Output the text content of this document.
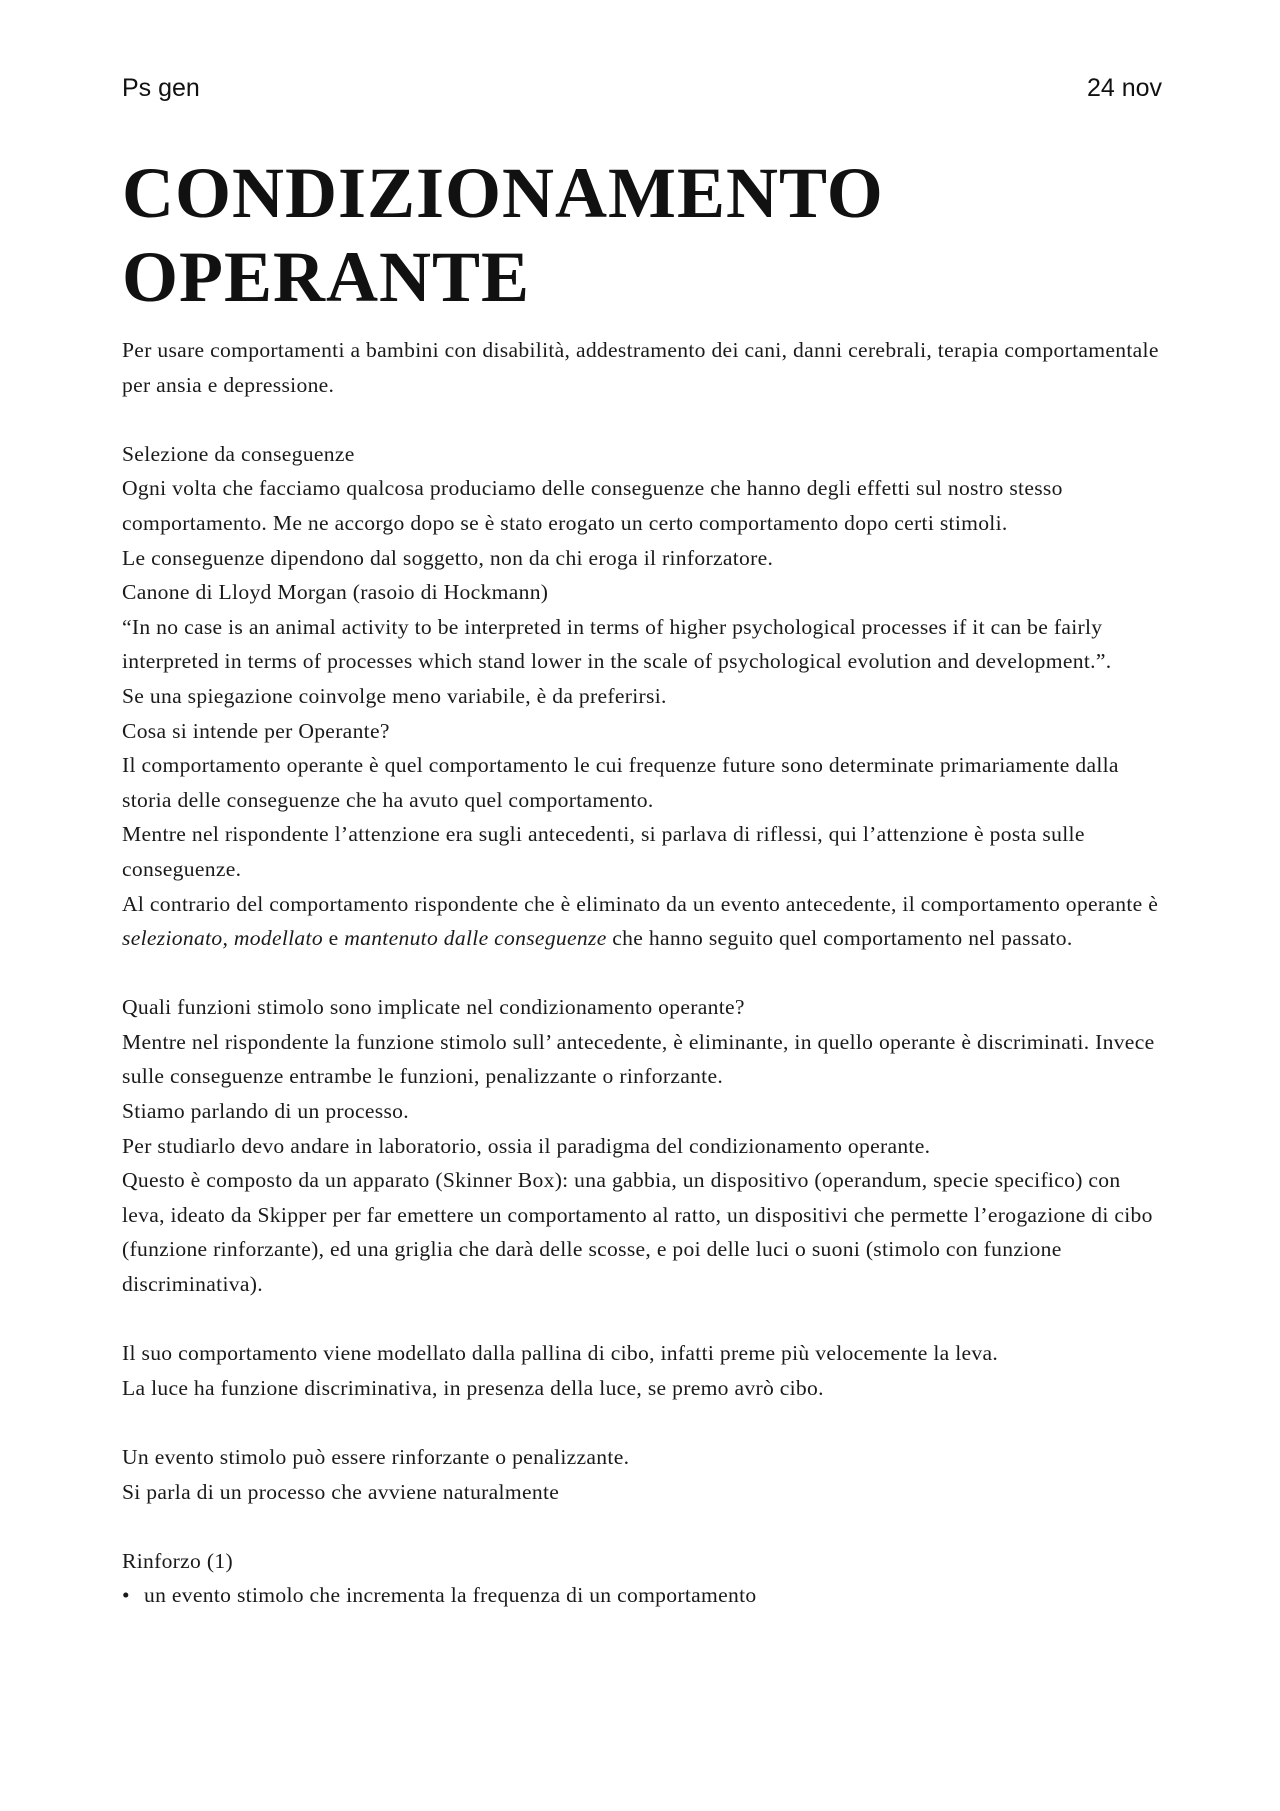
Ps gen	24 nov
CONDIZIONAMENTO
OPERANTE

Per usare comportamenti a bambini con disabilità, addestramento dei cani, danni cerebrali, terapia comportamentale per ansia e depressione.

Selezione da conseguenze

Ogni volta che facciamo qualcosa produciamo delle conseguenze che hanno degli effetti sul nostro stesso comportamento. Me ne accorgo dopo se è stato erogato un certo comportamento dopo certi stimoli.

Le conseguenze dipendono dal soggetto, non da chi eroga il rinforzatore.

Canone di Lloyd Morgan (rasoio di Hockmann)

“In no case is an animal activity to be interpreted in terms of higher psychological processes if it can be fairly interpreted in terms of processes which stand lower in the scale of psychological evolution and development.”.

Se una spiegazione coinvolge meno variabile, è da preferirsi.

Cosa si intende per Operante?

Il comportamento operante è quel comportamento le cui frequenze future sono determinate primariamente dalla storia delle conseguenze che ha avuto quel comportamento.

Mentre nel rispondente l’attenzione era sugli antecedenti, si parlava di riflessi, qui l’attenzione è posta sulle conseguenze.

Al contrario del comportamento rispondente che è eliminato da un evento antecedente, il comportamento operante è selezionato, modellato e mantenuto dalle conseguenze che hanno seguito quel comportamento nel passato.

Quali funzioni stimolo sono implicate nel condizionamento operante?

Mentre nel rispondente la funzione stimolo sull’ antecedente, è eliminante, in quello operante è discriminati. Invece sulle conseguenze entrambe le funzioni, penalizzante o rinforzante.

Stiamo parlando di un processo.

Per studiarlo devo andare in laboratorio, ossia il paradigma del condizionamento operante.

Questo è composto da un apparato (Skinner Box): una gabbia, un dispositivo (operandum, specie specifico) con leva, ideato da Skipper per far emettere un comportamento al ratto, un dispositivi che permette l’erogazione di cibo (funzione rinforzante), ed una griglia che darà delle scosse, e poi delle luci o suoni (stimolo con funzione discriminativa).

Il suo comportamento viene modellato dalla pallina di cibo, infatti preme più velocemente la leva.

La luce ha funzione discriminativa, in presenza della luce, se premo avrò cibo.

Un evento stimolo può essere rinforzante o penalizzante.

Si parla di un processo che avviene naturalmente

Rinforzo (1)

• un evento stimolo che incrementa la frequenza di un comportamento
